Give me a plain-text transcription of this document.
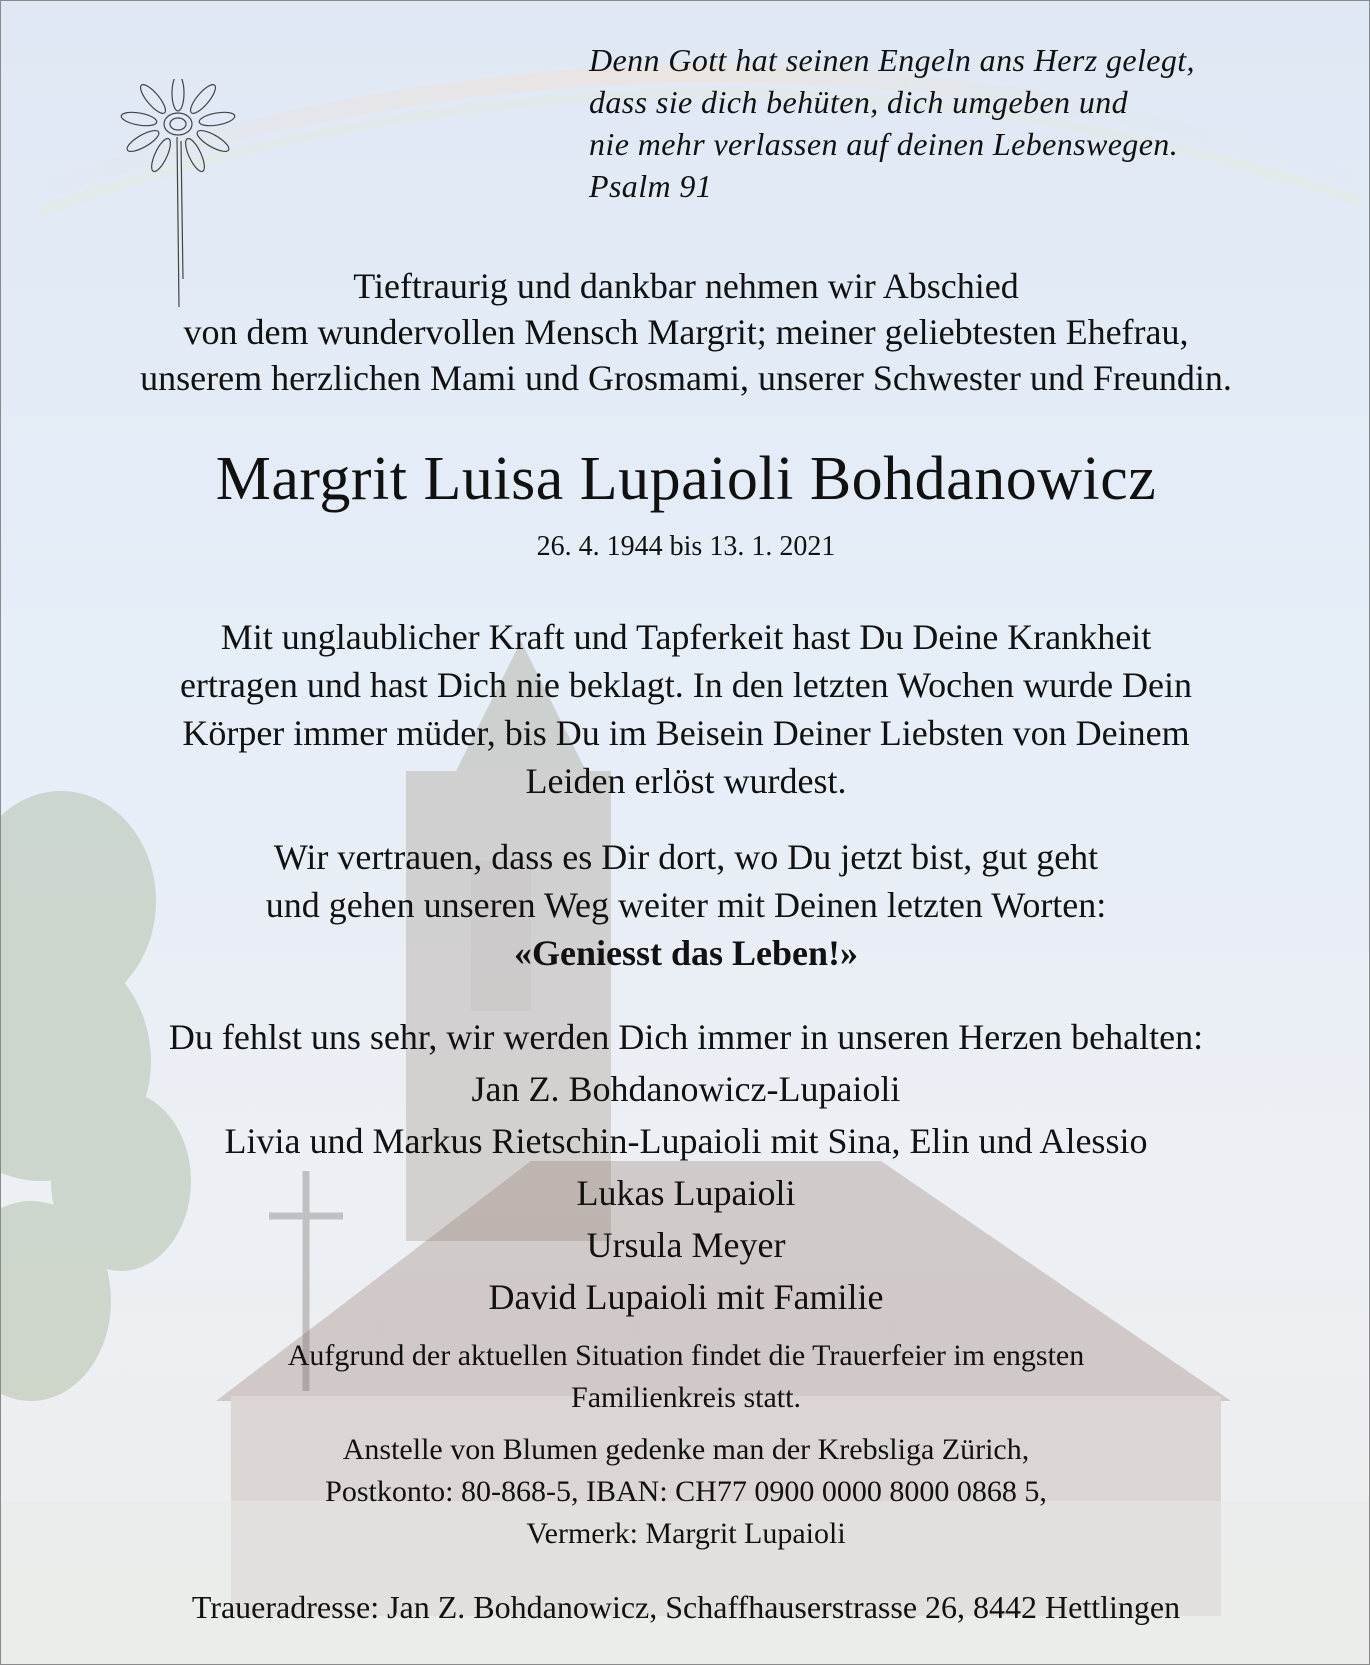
Denn Gott hat seinen Engeln ans Herz gelegt,
dass sie dich behüten, dich umgeben und
nie mehr verlassen auf deinen Lebenswegen.
Psalm 91
Tieftraurig und dankbar nehmen wir Abschied
von dem wundervollen Mensch Margrit; meiner geliebtesten Ehefrau,
unserem herzlichen Mami und Grosmami, unserer Schwester und Freundin.
Margrit Luisa Lupaioli Bohdanowicz
26. 4. 1944 bis 13. 1. 2021
Mit unglaublicher Kraft und Tapferkeit hast Du Deine Krankheit
ertragen und hast Dich nie beklagt. In den letzten Wochen wurde Dein
Körper immer müder, bis Du im Beisein Deiner Liebsten von Deinem
Leiden erlöst wurdest.
Wir vertrauen, dass es Dir dort, wo Du jetzt bist, gut geht
und gehen unseren Weg weiter mit Deinen letzten Worten:
«Geniesst das Leben!»
Du fehlst uns sehr, wir werden Dich immer in unseren Herzen behalten:
Jan Z. Bohdanowicz-Lupaioli
Livia und Markus Rietschin-Lupaioli mit Sina, Elin und Alessio
Lukas Lupaioli
Ursula Meyer
David Lupaioli mit Familie
Aufgrund der aktuellen Situation findet die Trauerfeier im engsten
Familienkreis statt.
Anstelle von Blumen gedenke man der Krebsliga Zürich,
Postkonto: 80-868-5, IBAN: CH77 0900 0000 8000 0868 5,
Vermerk: Margrit Lupaioli
Traueradresse: Jan Z. Bohdanowicz, Schaffhauserstrasse 26, 8442 Hettlingen
